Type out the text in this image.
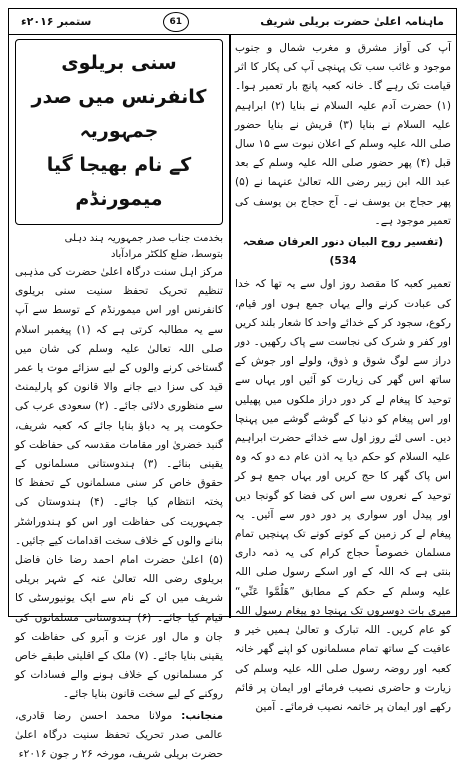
ماہنامہ اعلیٰ حضرت بریلی شریف
61
ستمبر ۲۰۱۶ء

آپ کی آواز مشرق و مغرب شمال و جنوب موجود و غائب سب تک پہنچی آپ کی پکار کا اثر قیامت تک رہے گا۔ خانہ کعبہ پانچ بار تعمیر ہوا۔ (۱) حضرت آدم علیہ السلام نے بنایا (۲) ابراہیم علیہ السلام نے بنایا (۳) قریش نے بنایا حضور صلی اللہ علیہ وسلم کے اعلان نبوت سے ۱۵ سال قبل (۴) پھر حضور صلی اللہ علیہ وسلم کے بعد عبد اللہ ابن زبیر رضی اللہ تعالیٰ عنہما نے (۵) پھر حجاج بن یوسف نے۔ آج حجاج بن یوسف کی تعمیر موجود ہے۔

(تفسیر روح البیان دنور العرفان صفحہ 534)

تعمیر کعبہ کا مقصد روز اول سے یہ تھا کہ خدا کی عبادت کرنے والے یہاں جمع ہوں اور قیام، رکوع، سجود کر کے خدائے واحد کا شعار بلند کریں اور کفر و شرک کی نجاست سے پاک رکھیں۔ دور دراز سے لوگ شوق و ذوق، ولولے اور جوش کے ساتھ اس گھر کی زیارت کو آئیں اور یہاں سے توحید کا پیغام لے کر دور دراز ملکوں میں پھیلیں اور اس پیغام کو دنیا کے گوشے گوشے میں پہنچا دیں۔ اسی لئے روز اول سے خدائے حضرت ابراہیم علیہ السلام کو حکم دیا یہ اذن عام دے دو کہ وہ اس پاک گھر کا حج کریں اور یہاں جمع ہو کر توحید کے نعروں سے اس کی فضا کو گونجا دیں اور پیدل اور سواری پر دور دور سے آئیں۔ یہ پیغام لے کر زمین کے کونے کونے تک پہنچیں تمام مسلمان خصوصاً حجاج کرام کی یہ ذمہ داری بنتی ہے کہ اللہ کے اور اسکے رسول صلی اللہ علیہ وسلم کے حکم کے مطابق ”هَلُمَّوا عَنِّي“ میری بات دوسروں تک پہنچا دو پیغام رسول اللہ کو عام کریں۔ اللہ تبارک و تعالیٰ ہمیں خیر و عافیت کے ساتھ تمام مسلمانوں کو اپنے گھر خانہ کعبہ اور روضہ رسول صلی اللہ علیہ وسلم کی زیارت و حاضری نصیب فرمائے اور ایمان پر قائم رکھے اور ایمان پر خاتمہ نصیب فرمائے۔ آمین

سنی بریلوی کانفرنس میں صدر جمہوریہ
کے نام بھیجا گیا میمورنڈم
بخدمت جناب صدر جمہوریہ ہند دہلی
بتوسط، ضلع کلکٹر مرادآباد

مرکز اہل سنت درگاہ اعلیٰ حضرت کی مذہبی تنظیم تحریک تحفظ سنیت سنی بریلوی کانفرنس اور اس میمورنڈم کے توسط سے آپ سے یہ مطالبہ کرتی ہے کہ (۱) پیغمبر اسلام صلی اللہ تعالیٰ علیہ وسلم کی شان میں گستاخی کرنے والوں کے لیے سزائے موت یا عمر قید کی سزا دیے جانے والا قانون کو پارلیمنٹ سے منظوری دلائی جائے۔ (۲) سعودی عرب کی حکومت پر یہ دباؤ بنایا جائے کہ کعبہ شریف، گنبد خضریٰ اور مقامات مقدسہ کی حفاظت کو یقینی بنائے۔ (۳) ہندوستانی مسلمانوں کے حقوق خاص کر سنی مسلمانوں کے تحفظ کا پختہ انتظام کیا جائے۔ (۴) ہندوستان کی جمہوریت کی حفاظت اور اس کو ہندوراشٹر بنانے والوں کے خلاف سخت اقدامات کیے جائیں۔ (۵) اعلیٰ حضرت امام احمد رضا خان فاضل بریلوی رضی اللہ تعالیٰ عنہ کے شہر بریلی شریف میں ان کے نام سے ایک یونیورسٹی کا قیام کیا جائے۔ (۶) ہندوستانی مسلمانوں کی جان و مال اور عزت و آبرو کی حفاظت کو یقینی بنایا جائے۔ (۷) ملک کے اقلیتی طبقے خاص کر مسلمانوں کے خلاف ہونے والے فسادات کو روکنے کے لیے سخت قانون بنایا جائے۔

منجانب: مولانا محمد احسن رضا قادری، عالمی صدر تحریک تحفظ سنیت درگاہ اعلیٰ حضرت بریلی شریف، مورخہ ۲۶ ر جون ۲۰۱۶ء
